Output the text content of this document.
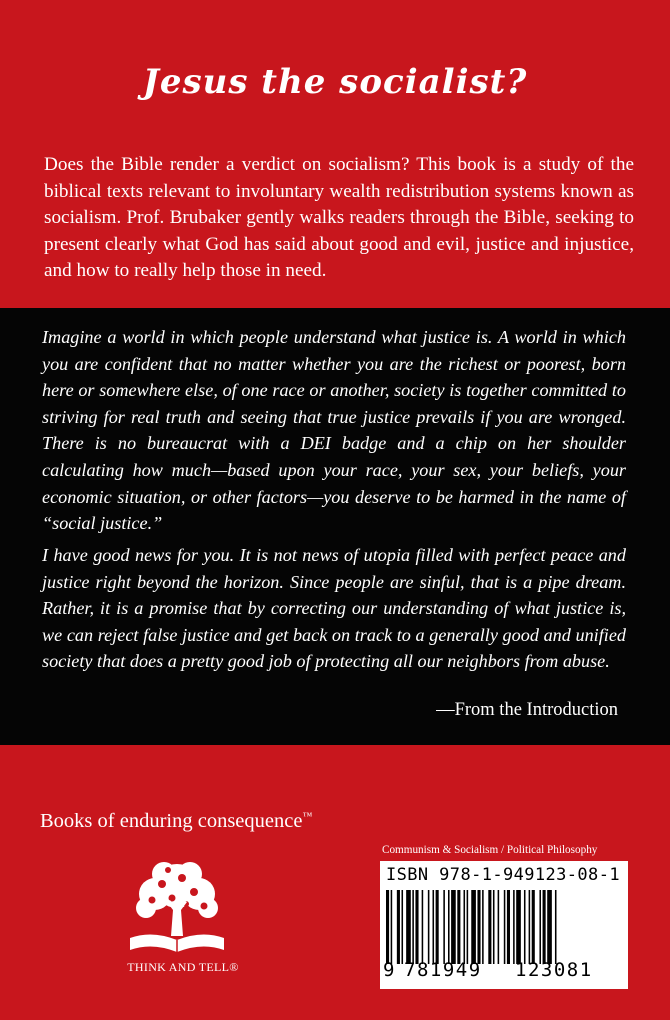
Jesus the socialist?
Does the Bible render a verdict on socialism? This book is a study of the biblical texts relevant to involuntary wealth redistribution systems known as socialism. Prof. Brubaker gently walks readers through the Bible, seeking to present clearly what God has said about good and evil, justice and injustice, and how to really help those in need.
Imagine a world in which people understand what justice is. A world in which you are confident that no matter whether you are the richest or poorest, born here or somewhere else, of one race or another, society is together committed to striving for real truth and seeing that true justice prevails if you are wronged. There is no bureaucrat with a DEI badge and a chip on her shoulder calculating how much—based upon your race, your sex, your beliefs, your economic situation, or other factors—you deserve to be harmed in the name of “social justice.”
I have good news for you. It is not news of utopia filled with perfect peace and justice right beyond the horizon. Since people are sinful, that is a pipe dream. Rather, it is a promise that by correcting our understanding of what justice is, we can reject false justice and get back on track to a generally good and unified society that does a pretty good job of protecting all our neighbors from abuse.
—From the Introduction
Books of enduring consequence™
THINK AND TELL®
Communism & Socialism / Political Philosophy
ISBN 978-1-949123-08-1
9 781949 123081
